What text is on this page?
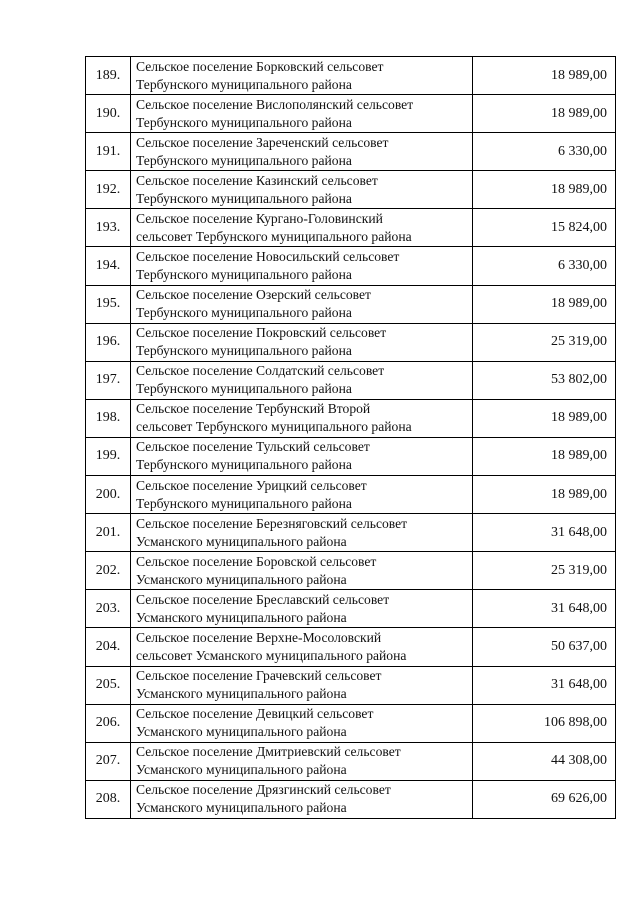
189.	Сельское поселение Борковский сельсовет
Тербунского муниципального района	18 989,00
190.	Сельское поселение Вислополянский сельсовет
Тербунского муниципального района	18 989,00
191.	Сельское поселение Зареченский сельсовет
Тербунского муниципального района	6 330,00
192.	Сельское поселение Казинский сельсовет
Тербунского муниципального района	18 989,00
193.	Сельское поселение Кургано-Головинский
сельсовет Тербунского муниципального района	15 824,00
194.	Сельское поселение Новосильский сельсовет
Тербунского муниципального района	6 330,00
195.	Сельское поселение Озерский сельсовет
Тербунского муниципального района	18 989,00
196.	Сельское поселение Покровский сельсовет
Тербунского муниципального района	25 319,00
197.	Сельское поселение Солдатский сельсовет
Тербунского муниципального района	53 802,00
198.	Сельское поселение Тербунский Второй
сельсовет Тербунского муниципального района	18 989,00
199.	Сельское поселение Тульский сельсовет
Тербунского муниципального района	18 989,00
200.	Сельское поселение Урицкий сельсовет
Тербунского муниципального района	18 989,00
201.	Сельское поселение Березняговский сельсовет
Усманского муниципального района	31 648,00
202.	Сельское поселение Боровской сельсовет
Усманского муниципального района	25 319,00
203.	Сельское поселение Бреславский сельсовет
Усманского муниципального района	31 648,00
204.	Сельское поселение Верхне-Мосоловский
сельсовет Усманского муниципального района	50 637,00
205.	Сельское поселение Грачевский сельсовет
Усманского муниципального района	31 648,00
206.	Сельское поселение Девицкий сельсовет
Усманского муниципального района	106 898,00
207.	Сельское поселение Дмитриевский сельсовет
Усманского муниципального района	44 308,00
208.	Сельское поселение Дрязгинский сельсовет
Усманского муниципального района	69 626,00
